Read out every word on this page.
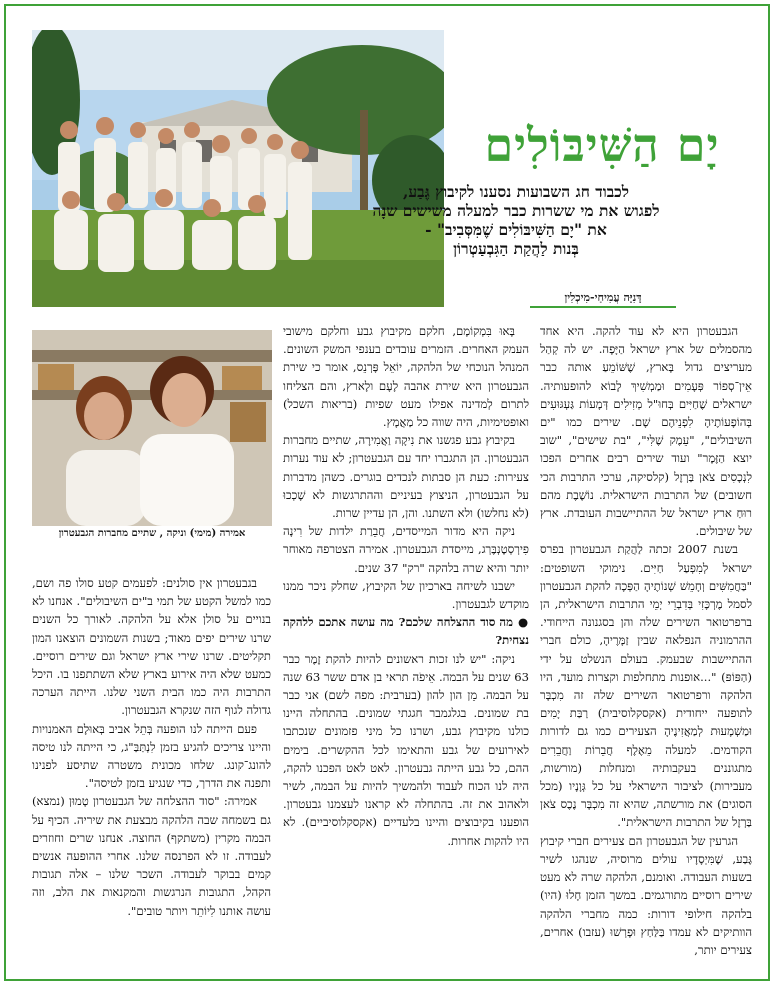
יָם הַשִּׁיבּוֹלִים
לכבוד חג השבועות נסענו לקיבוץ גֶּבַע,
לפגוש את מי ששרות כבר למעלה משישים שנָה
את "יָם הַשִּׁיבּוֹלִים שֶׁמִּסְּבִיב" -
בְּנות לַהֲקַת הַגִּבְעַטְרוֹן
דָּנִיָּה עֲמִיחַי-מִיכְלִין

הגבעטרון היא לא עוד להקה. היא אחד מהסמלים של ארץ ישראל הַיָּפָה. יש לה קְהַל מעריצים גדול בָּארץ, שֶׁשּׁוֹמֵעַ אותה כבר אֵין־סְפוֹר פְּעָמִים וּמַמְשִׁיךְ לָבוֹא להופעותיה. ישראלים שֶׁחַיִּים בְּחוּ"ל מְזִילִים דְּמָעוֹת גַּעְגּוּעִים בְּהוֹפָעוֹתֶיהָ לִפְנֵיהֶם שָׁם. שירים כמו "ים השיבולים", "עֵמֶק שֶׁלִּי", "בת שישים", "שוב יוצא הַזֶּמֶר" ועוד שירים רבים אחרים הפכו לִנְכָסִים צֹאן בַּרְזֶל (קלסיקה, ערכי התרבות הכי חשובים) של התרבות הישראלית. נוֹשֶׁבֶת מהם רוּחַ ארץ ישראל של ההתיישבות העובדת. ארץ של שיבולים.

בשנת 2007 זכתה לַהֲקַת הגבעטרון בפרס ישראל לְמִפְעַל חַיִּים. נימוקי השופטים: "בַּחֲמִשִּׁים וְחָמֵשׁ שְׁנוֹתֶיהָ הַפְּכָה להקת הגבעטרון לסמל מֶרְכָּזִי בְּדִבְרֵי יְמֵי התרבות הישראלית, הן ברפרטואר השירים שלה והן בסגנונה הייחודי. ההרמוניה הנפלאה שבין זַמָּרֶיהָ, כולם חברי ההתיישבות שבעמק. בעולם הנשלט על ידי (הַפּוֹפּ) "...אופנות מתחלפות וקצרות מועד, היו הלהקה ורפרטואר השירים שלה זה מִכְבָּר לתופעה ייחודית (אקסקלוסיבית) רַבַּת יָמִים וּמַשְׁמָעוּת לְמַאֲזִינֶיהָ הצעירים כמו גם לדורות הקודמים. למעלה מֵאֶלֶף חֲבֵרוֹת וַחֲבֵרִים מתגוננים בעקבותיה ומנחלות (מורשות, מעבירות) לציבור הישראלי על כל גְּוָנָיו (מכל הסוגים) את מורשתה, שהיא זה מִכְבָּר נֶכֶס צֹאן בַּרְזֶל של התרבות הישראלית".

הגרעין של הגבעטרון הם צעירים חברי קיבוץ גֶּבַע, שֶׁמִּיְסָדָיו עולים מרוסיה, שנהגו לשיר בשעות העבודה. ואומנם, הלהקה שרה לא מעט שירים רוסיים מתורגמים. במשך הזמן חָלוּ (היו) בלהקה חילופי דורות: כמה מחברי הלהקה הוותיקים לא עמדו בַּלַּחַץ וּפָרְשׁוּ (עזבו) אחרים, צעירים יותר,

בָּאוּ בִּמְקוֹמָם, חלקם מקיבוץ גבע וחלקם מישובי העמק האחרים. הזמרים עובדים בענפי המשק השונים. המנהל הנוכחי של הלהקה, יוֹאֵל פָּרְנֵס, אומר כי שירת הגבעטרון היא שירת אהבה לָעָם ולָארץ, והם הצליחו לתרום לְמדינה אפילו מעט שפיות (בריאות השכל) ואופטימיות, היה שווה כל מַאֲמָץ.

בקיבוץ גבע פגשנו את נִיקָה וַאֲמִירָה, שתיים מחברות הגבעטרון. הן התגברו יחד עם הגבעטרון; לא עוד נערות צעירות: כעת הן סבתות לנכדים בוגרים. כשהן מדברות על הגבעטרון, הניצוץ בעיניים וההתרגשות לא שָׁכְכוּ (לא נחלשו) ולא השתנו. והן, הן עדיין שרות.

ניקה היא מדור המייסדים, חֲבֵרַת ילדות של רִינָה פִירְסְטֶנְבֶּרְג, מייסדת הגבעטרון. אמירה הצטרפה מאוחר יותר והיא שרה בלהקה "רק" 37 שנים.

ישבנו לשיחה בארכיון של הקיבוץ, שחלק ניכר ממנו מוקדש לגבעטרון.

● מה סוד ההצלחה שלכם? מה עושה אתכם ללהקה נצחית?

ניקה: "יש לנו זכות ראשונים להיות להקת זֶמֶר כבר 63 שנים על הבמה. אֵיפֹה תראי בן אדם ששר 63 שנה על הבמה. מֵן הון להון (בערבית: מפה לשם) אני כבר בת שמונים. בגלגמבר חגגתי שמונים. בהתחלה היינו כולנו מקיבוץ גבע, ושרנו כל מיני פזמונים שנכתבו לאירועים של גבע והתאימו לכל ההקשרים. בימים ההם, כל גבע הייתה גבעטרון. לאט לאט הפכנו להקה, היה לנו הכוח לעבוד ולהמשיך להיות על הבמה, לשיר ולאהוב את זה. בהתחלה לא קראנו לעצמנו גבעטרון. הופענו בקיבוצים והיינו בלעדיים (אקסקלוסיביים). לא היו להקות אחרות.

אמירה (מימי) וניקה , שתיים מחברות הגבעטרון

בגבעטרון אין סולנים: לפעמים קטע סולו פה ושם, כמו למשל הקטע של תמי ב"ים השיבולים". אנחנו לא בנויים על סולן אלא על הלהקה. לאורך כל השנים שרנו שירים יפים מאוד; בשנות השמונים הוצאנו המון תקליטים. שרנו שירי ארץ ישראל וגם שירים רוסיים. כמעט שלא היה אירוע בארץ שלא השתתפנו בו. היכל התרבות היה כמו הבית השני שלנו. הייתה הערכה גדולה לגוף הזה שנקרא הגבעטרון.

פעם הייתה לנו הופעה בְּתֵל אביב בְּאוּלָם האמנויות והיינו צריכים להגיע בזמן לִנְתַּבַּ"ג, כי הייתה לנו טיסה להונג־קונג. שלחו מכונית משטרה שתיסע לפנינו ותפנה את הדרך, כדי שנגיע בזמן לטיסה".

אמירה: "סוד ההצלחה של הגבעטרון טָמוּן (נמצא) גם בשמחה שבה הלהקה מבצעת את שיריה. הכיף על הבמה מקרין (משתקף) החוצה. אנחנו שרים וחוזרים לעבודה. זו לא הפרנסה שלנו. אחרי ההופעה אנשים קמים בבוקר לעבודה. השכר שלנו – אלה תגובות הקהל, התגובות הנרגשות והמקנאות את הלב, וזה עושה אותנו לִיוֹתֵר ויותר טובים".
